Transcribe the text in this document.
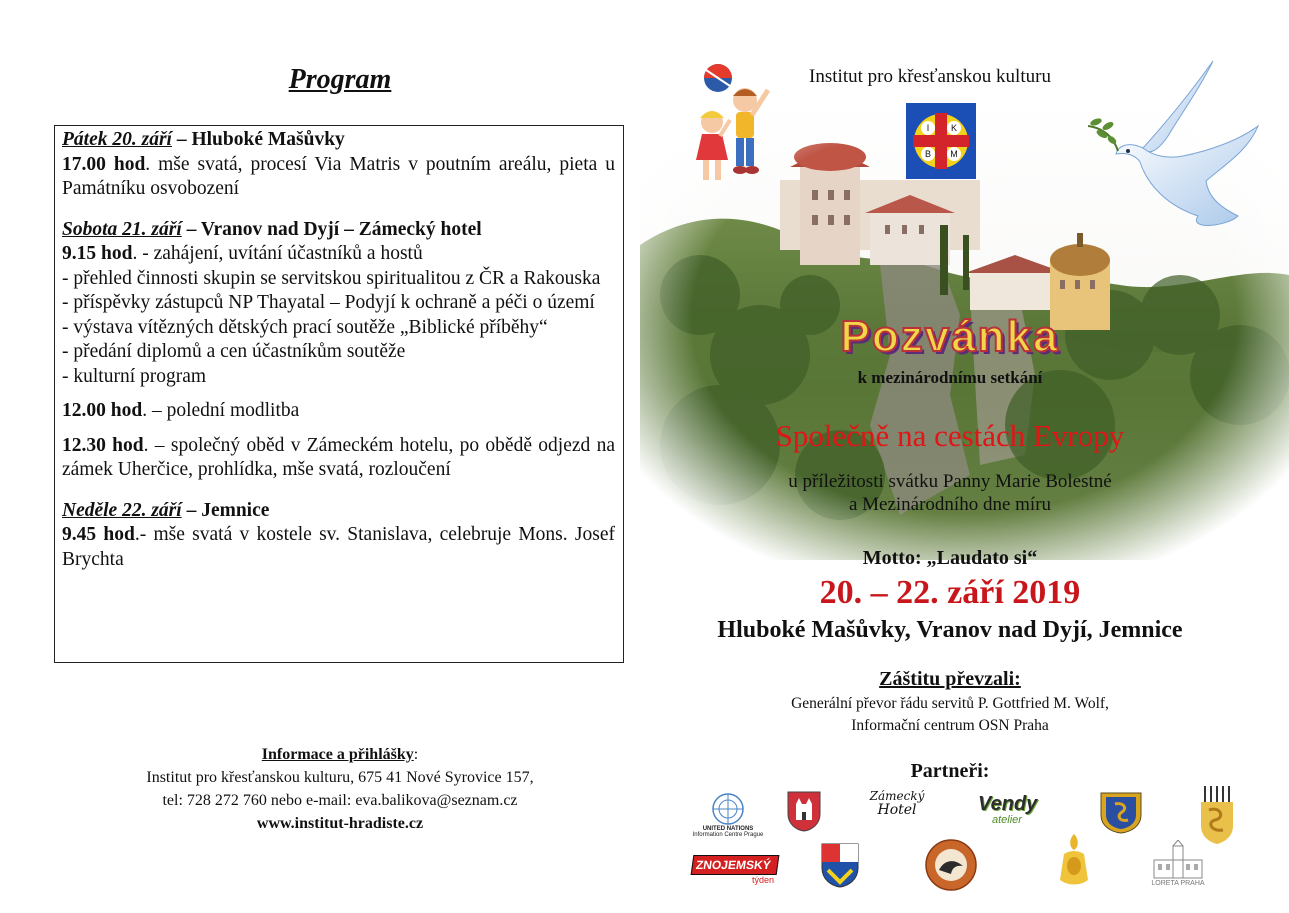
Program
Pátek 20. září – Hluboké Mašůvky
17.00 hod. mše svatá, procesí Via Matris v poutním areálu, pieta u Památníku osvobození
Sobota 21. září – Vranov nad Dyjí – Zámecký hotel
9.15 hod. - zahájení, uvítání účastníků a hostů
- přehled činnosti skupin se servitskou spiritualitou z ČR a Rakouska
- příspěvky zástupců NP Thayatal – Podyjí k ochraně a péči o území
- výstava vítězných dětských prací soutěže „Biblické příběhy“
- předání diplomů a cen účastníkům soutěže
- kulturní program
12.00 hod. – polední modlitba
12.30 hod. – společný oběd v Zámeckém hotelu, po obědě odjezd na zámek Uherčice, prohlídka, mše svatá, rozloučení
Neděle 22. září – Jemnice
9.45 hod.- mše svatá v kostele sv. Stanislava, celebruje Mons. Josef Brychta
Informace a přihlášky:
Institut pro křesťanskou kulturu, 675 41 Nové Syrovice 157,
tel: 728 272 760 nebo e-mail: eva.balikova@seznam.cz
www.institut-hradiste.cz
Institut pro křesťanskou kulturu
I K
B M
Pozvánka
k mezinárodnímu setkání
Společně na cestách Evropy
u příležitosti svátku Panny Marie Bolestné
a Mezinárodního dne míru
Motto: „Laudato si“
20. – 22. září 2019
Hluboké Mašůvky, Vranov nad Dyjí, Jemnice
Záštitu převzali:
Generální převor řádu servitů P. Gottfried M. Wolf,
Informační centrum OSN Praha
Partneři:
UNITED NATIONS
Information Centre Prague
Zámecký
Hotel	Vendy
atelier
ZNOJEMSKÝ
týden	LORETA PRAHA
